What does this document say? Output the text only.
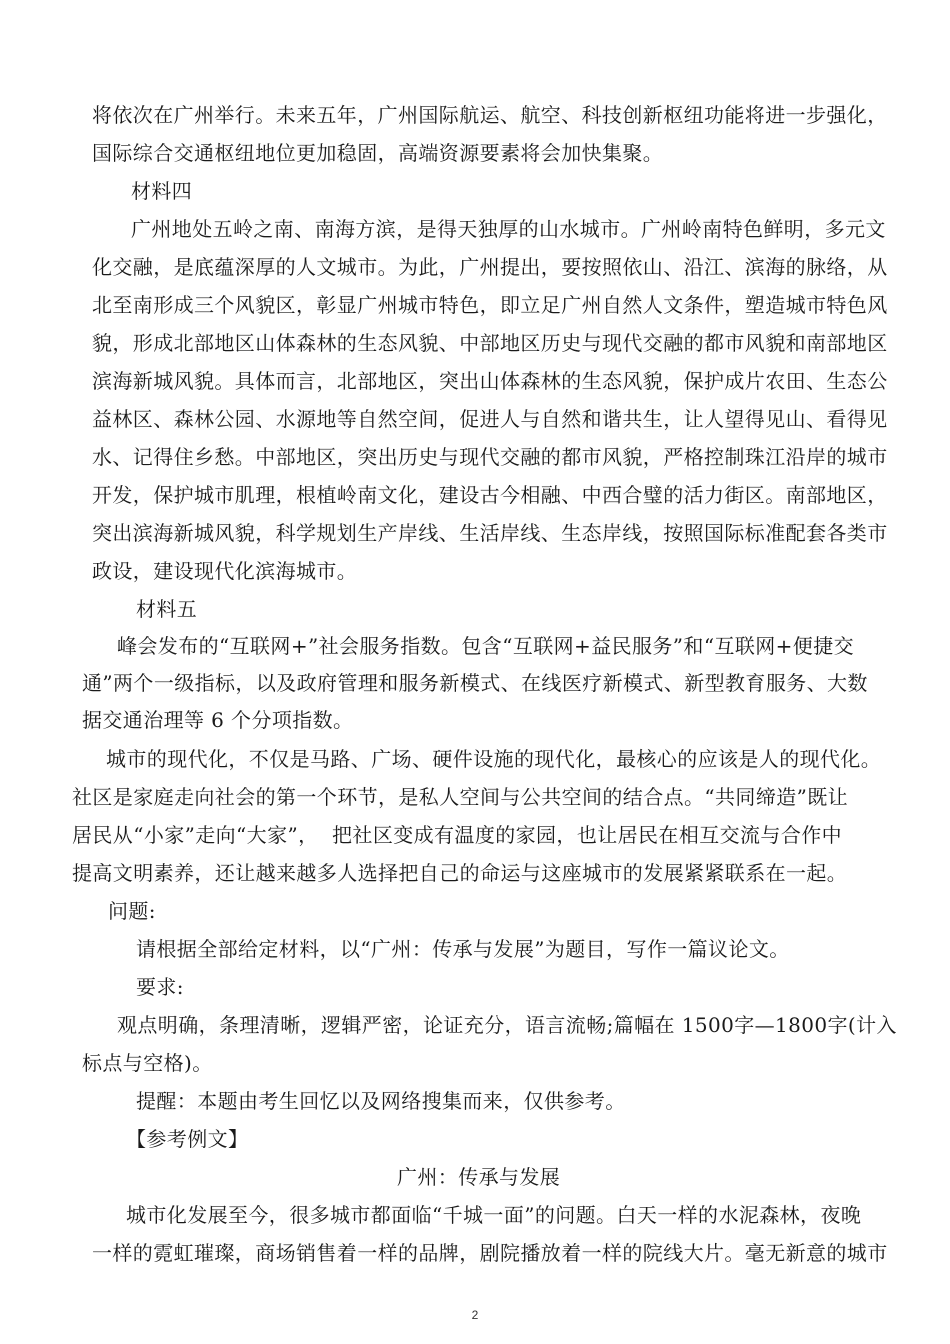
将依次在广州举行。未来五年，广州国际航运、航空、科技创新枢纽功能将进一步强化，
国际综合交通枢纽地位更加稳固，高端资源要素将会加快集聚。
材料四
广州地处五岭之南、南海方滨，是得天独厚的山水城市。广州岭南特色鲜明，多元文
化交融，是底蕴深厚的人文城市。为此，广州提出，要按照依山、沿江、滨海的脉络，从
北至南形成三个风貌区，彰显广州城市特色，即立足广州自然人文条件，塑造城市特色风
貌，形成北部地区山体森林的生态风貌、中部地区历史与现代交融的都市风貌和南部地区
滨海新城风貌。具体而言，北部地区，突出山体森林的生态风貌，保护成片农田、生态公
益林区、森林公园、水源地等自然空间，促进人与自然和谐共生，让人望得见山、看得见
水、记得住乡愁。中部地区，突出历史与现代交融的都市风貌，严格控制珠江沿岸的城市
开发，保护城市肌理，根植岭南文化，建设古今相融、中西合璧的活力街区。南部地区，
突出滨海新城风貌，科学规划生产岸线、生活岸线、生态岸线，按照国际标准配套各类市
政设，建设现代化滨海城市。
材料五
峰会发布的“互联网+”社会服务指数。包含“互联网+益民服务”和“互联网+便捷交
通”两个一级指标，以及政府管理和服务新模式、在线医疗新模式、新型教育服务、大数
据交通治理等 6 个分项指数。
城市的现代化，不仅是马路、广场、硬件设施的现代化，最核心的应该是人的现代化。
社区是家庭走向社会的第一个环节，是私人空间与公共空间的结合点。“共同缔造”既让
居民从“小家”走向“大家”，  把社区变成有温度的家园，也让居民在相互交流与合作中
提高文明素养，还让越来越多人选择把自己的命运与这座城市的发展紧紧联系在一起。
问题:
请根据全部给定材料，以“广州：传承与发展”为题目，写作一篇议论文。
要求:
观点明确，条理清晰，逻辑严密，论证充分，语言流畅;篇幅在 1500字—1800字(计入
标点与空格)。
提醒：本题由考生回忆以及网络搜集而来，仅供参考。
【参考例文】
广州：传承与发展
城市化发展至今，很多城市都面临“千城一面”的问题。白天一样的水泥森林，夜晚
一样的霓虹璀璨，商场销售着一样的品牌，剧院播放着一样的院线大片。毫无新意的城市
2
